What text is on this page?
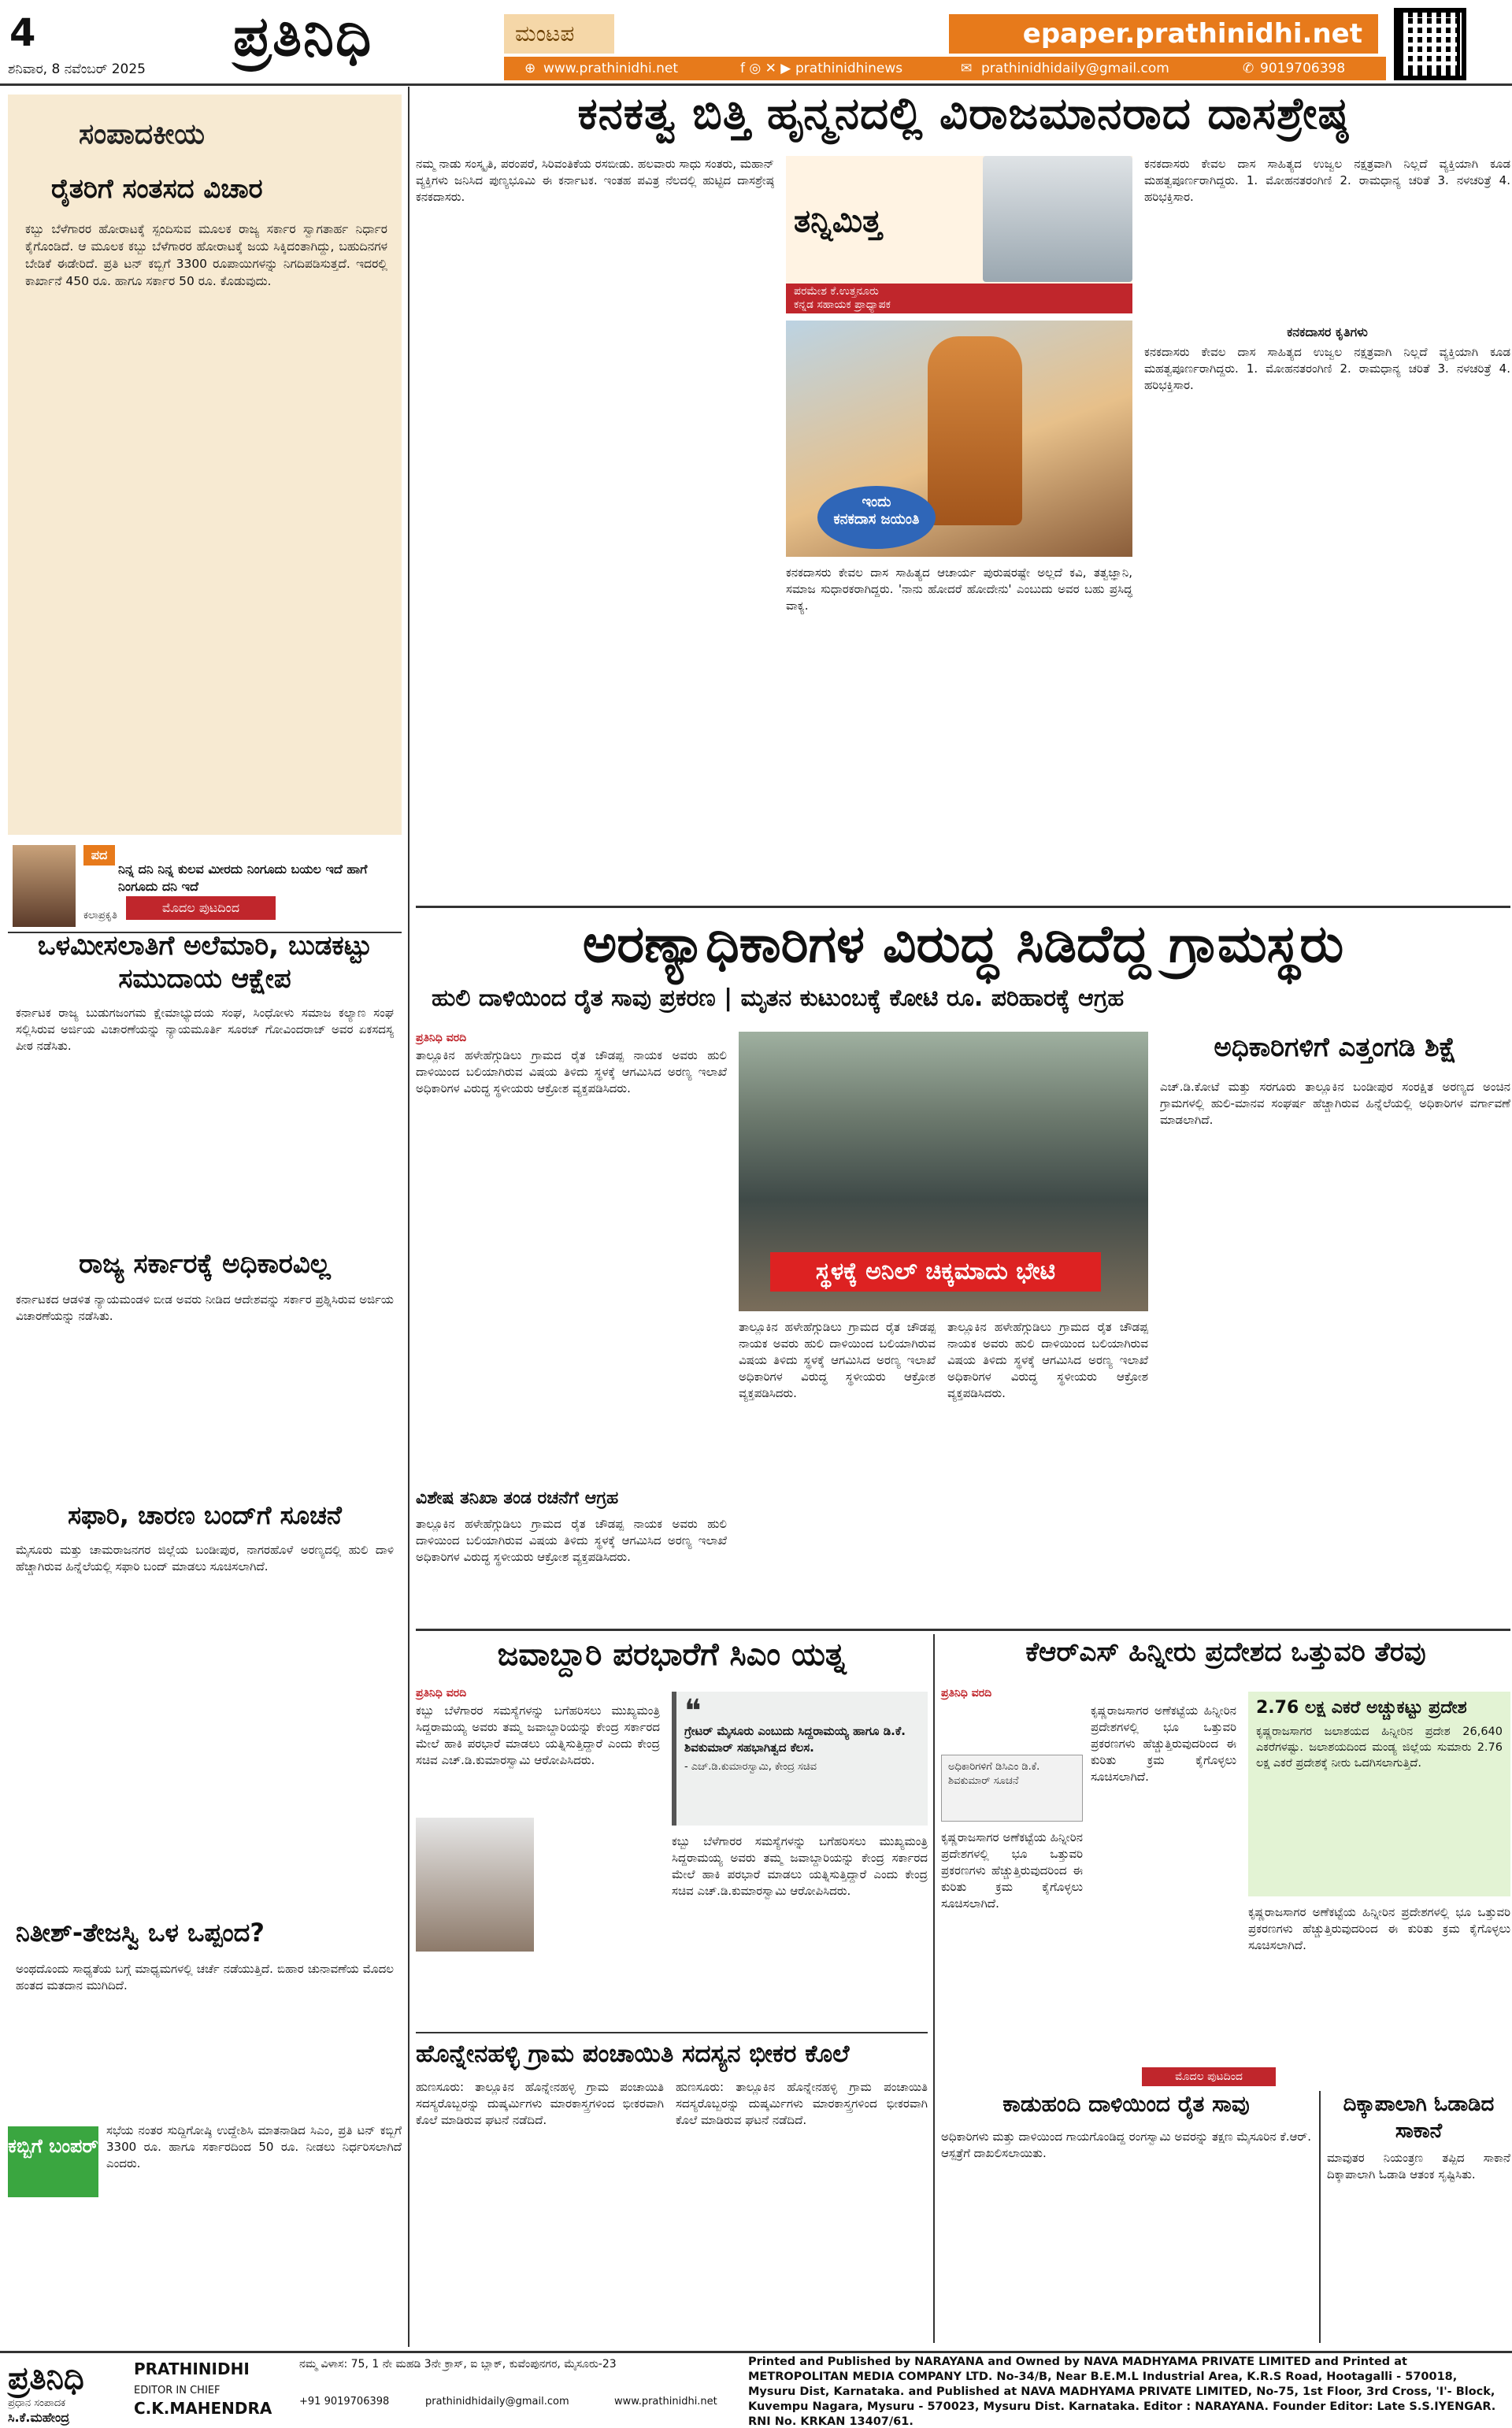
4
ಶನಿವಾರ, 8 ನವೆಂಬರ್ 2025
ಪ್ರತಿನಿಧಿ	ಮಂಟಪ	epaper.prathinidhi.net
⊕ www.prathinidhi.net	f ◎ ✕ ▶ prathinidhinews	✉ prathinidhidaily@gmail.com	✆ 9019706398
ಸಂಪಾದಕೀಯ
ರೈತರಿಗೆ ಸಂತಸದ ವಿಚಾರ
ಕಬ್ಬು ಬೆಳೆಗಾರರ ಹೋರಾಟಕ್ಕೆ ಸ್ಪಂದಿಸುವ ಮೂಲಕ ರಾಜ್ಯ ಸರ್ಕಾರ ಸ್ವಾಗತಾರ್ಹ ನಿರ್ಧಾರ ಕೈಗೊಂಡಿದೆ. ಆ ಮೂಲಕ ಕಬ್ಬು ಬೆಳೆಗಾರರ ಹೋರಾಟಕ್ಕೆ ಜಯ ಸಿಕ್ಕಿದಂತಾಗಿದ್ದು, ಬಹುದಿನಗಳ ಬೇಡಿಕೆ ಈಡೇರಿದೆ. ಪ್ರತಿ ಟನ್ ಕಬ್ಬಿಗೆ 3300 ರೂಪಾಯಿಗಳನ್ನು ನಿಗದಿಪಡಿಸುತ್ತದೆ. ಇದರಲ್ಲಿ ಕಾರ್ಖಾನೆ 450 ರೂ. ಹಾಗೂ ಸರ್ಕಾರ 50 ರೂ. ಕೊಡುವುದು.
ಪದ
ನಿನ್ನ ದನಿ ನಿನ್ನ ಕುಲವ ಮೀರದು ನಿಂಗೂದು ಬಯಲ ಇದೆ ಹಾಗೆ ನಿಂಗೂದು ದನಿ ಇದೆ
ಕಲಾಪ್ರಕೃತಿ
ಮೊದಲ ಪುಟದಿಂದ
ಒಳಮೀಸಲಾತಿಗೆ ಅಲೆಮಾರಿ, ಬುಡಕಟ್ಟು ಸಮುದಾಯ ಆಕ್ಷೇಪ
ಕರ್ನಾಟಕ ರಾಜ್ಯ ಬುಡುಗಜಂಗಮ ಕ್ಷೇಮಾಭ್ಯುದಯ ಸಂಘ, ಸಿಂಧೋಳು ಸಮಾಜ ಕಲ್ಯಾಣ ಸಂಘ ಸಲ್ಲಿಸಿರುವ ಅರ್ಜಿಯ ವಿಚಾರಣೆಯನ್ನು ನ್ಯಾಯಮೂರ್ತಿ ಸೂರಜ್ ಗೋವಿಂದರಾಜ್ ಅವರ ಏಕಸದಸ್ಯ ಪೀಠ ನಡೆಸಿತು.
ರಾಜ್ಯ ಸರ್ಕಾರಕ್ಕೆ ಅಧಿಕಾರವಿಲ್ಲ
ಕರ್ನಾಟಕದ ಆಡಳಿತ ನ್ಯಾಯಮಂಡಳಿ ಬೀಡ ಅವರು ನೀಡಿದ ಆದೇಶವನ್ನು ಸರ್ಕಾರ ಪ್ರಶ್ನಿಸಿರುವ ಅರ್ಜಿಯ ವಿಚಾರಣೆಯನ್ನು ನಡೆಸಿತು.
ಸಫಾರಿ, ಚಾರಣ ಬಂದ್‌ಗೆ ಸೂಚನೆ
ಮೈಸೂರು ಮತ್ತು ಚಾಮರಾಜನಗರ ಜಿಲ್ಲೆಯ ಬಂಡೀಪುರ, ನಾಗರಹೊಳೆ ಅರಣ್ಯದಲ್ಲಿ ಹುಲಿ ದಾಳಿ ಹೆಚ್ಚಾಗಿರುವ ಹಿನ್ನೆಲೆಯಲ್ಲಿ ಸಫಾರಿ ಬಂದ್ ಮಾಡಲು ಸೂಚಿಸಲಾಗಿದೆ.
ನಿತೀಶ್-ತೇಜಸ್ವಿ ಒಳ ಒಪ್ಪಂದ?
ಅಂಥದೊಂದು ಸಾಧ್ಯತೆಯ ಬಗ್ಗೆ ಮಾಧ್ಯಮಗಳಲ್ಲಿ ಚರ್ಚೆ ನಡೆಯುತ್ತಿದೆ. ಬಿಹಾರ ಚುನಾವಣೆಯ ಮೊದಲ ಹಂತದ ಮತದಾನ ಮುಗಿದಿದೆ.
ಕಬ್ಬಿಗೆ ಬಂಪರ್
ಸಭೆಯ ನಂತರ ಸುದ್ದಿಗೋಷ್ಠಿ ಉದ್ದೇಶಿಸಿ ಮಾತನಾಡಿದ ಸಿಎಂ, ಪ್ರತಿ ಟನ್ ಕಬ್ಬಿಗೆ 3300 ರೂ. ಹಾಗೂ ಸರ್ಕಾರದಿಂದ 50 ರೂ. ನೀಡಲು ನಿರ್ಧರಿಸಲಾಗಿದೆ ಎಂದರು.
ಕನಕತ್ವ ಬಿತ್ತಿ ಹೃನ್ಮನದಲ್ಲಿ ವಿರಾಜಮಾನರಾದ ದಾಸಶ್ರೇಷ್ಠ
ನಮ್ಮ ನಾಡು ಸಂಸ್ಕೃತಿ, ಪರಂಪರೆ, ಸಿರಿವಂತಿಕೆಯ ರಸಬೀಡು. ಹಲವಾರು ಸಾಧು ಸಂತರು, ಮಹಾನ್ ವ್ಯಕ್ತಿಗಳು ಜನಿಸಿದ ಪುಣ್ಯಭೂಮಿ ಈ ಕರ್ನಾಟಕ. ಇಂತಹ ಪವಿತ್ರ ನೆಲದಲ್ಲಿ ಹುಟ್ಟಿದ ದಾಸಶ್ರೇಷ್ಠ ಕನಕದಾಸರು.
ತನ್ನಿಮಿತ್ತ
ಪರಮೇಶ ಕೆ.ಉತ್ತನೂರು
ಕನ್ನಡ ಸಹಾಯಕ ಪ್ರಾಧ್ಯಾಪಕ
ಇಂದು
ಕನಕದಾಸ ಜಯಂತಿ
ಕನಕದಾಸರು ಕೇವಲ ದಾಸ ಸಾಹಿತ್ಯದ ಆಚಾರ್ಯ ಪುರುಷರಷ್ಟೇ ಅಲ್ಲದೆ ಕವಿ, ತತ್ವಜ್ಞಾನಿ, ಸಮಾಜ ಸುಧಾರಕರಾಗಿದ್ದರು. 'ನಾನು ಹೋದರೆ ಹೋದೇನು' ಎಂಬುದು ಅವರ ಬಹು ಪ್ರಸಿದ್ಧ ವಾಕ್ಯ.
ಕನಕದಾಸರ ಕೃತಿಗಳು
ಕನಕದಾಸರು ಕೇವಲ ದಾಸ ಸಾಹಿತ್ಯದ ಉಜ್ವಲ ನಕ್ಷತ್ರವಾಗಿ ನಿಲ್ಲದೆ ವ್ಯಕ್ತಿಯಾಗಿ ಕೂಡ ಮಹತ್ವಪೂರ್ಣರಾಗಿದ್ದರು. 1. ಮೋಹನತರಂಗಿಣಿ 2. ರಾಮಧಾನ್ಯ ಚರಿತೆ 3. ನಳಚರಿತ್ರೆ 4. ಹರಿಭಕ್ತಿಸಾರ.
ಕನಕದಾಸರು ಕೇವಲ ದಾಸ ಸಾಹಿತ್ಯದ ಉಜ್ವಲ ನಕ್ಷತ್ರವಾಗಿ ನಿಲ್ಲದೆ ವ್ಯಕ್ತಿಯಾಗಿ ಕೂಡ ಮಹತ್ವಪೂರ್ಣರಾಗಿದ್ದರು. 1. ಮೋಹನತರಂಗಿಣಿ 2. ರಾಮಧಾನ್ಯ ಚರಿತೆ 3. ನಳಚರಿತ್ರೆ 4. ಹರಿಭಕ್ತಿಸಾರ.
ಅರಣ್ಯಾಧಿಕಾರಿಗಳ ವಿರುದ್ಧ ಸಿಡಿದೆದ್ದ ಗ್ರಾಮಸ್ಥರು
ಹುಲಿ ದಾಳಿಯಿಂದ ರೈತ ಸಾವು ಪ್ರಕರಣ | ಮೃತನ ಕುಟುಂಬಕ್ಕೆ ಕೋಟಿ ರೂ. ಪರಿಹಾರಕ್ಕೆ ಆಗ್ರಹ
ಪ್ರತಿನಿಧಿ ವರದಿ
ತಾಲ್ಲೂಕಿನ ಹಳೇಹೆಗ್ಗುಡಿಲು ಗ್ರಾಮದ ರೈತ ಚೌಡಪ್ಪ ನಾಯಕ ಅವರು ಹುಲಿ ದಾಳಿಯಿಂದ ಬಲಿಯಾಗಿರುವ ವಿಷಯ ತಿಳಿದು ಸ್ಥಳಕ್ಕೆ ಆಗಮಿಸಿದ ಅರಣ್ಯ ಇಲಾಖೆ ಅಧಿಕಾರಿಗಳ ವಿರುದ್ಧ ಸ್ಥಳೀಯರು ಆಕ್ರೋಶ ವ್ಯಕ್ತಪಡಿಸಿದರು.
ವಿಶೇಷ ತನಿಖಾ ತಂಡ ರಚನೆಗೆ ಆಗ್ರಹ
ತಾಲ್ಲೂಕಿನ ಹಳೇಹೆಗ್ಗುಡಿಲು ಗ್ರಾಮದ ರೈತ ಚೌಡಪ್ಪ ನಾಯಕ ಅವರು ಹುಲಿ ದಾಳಿಯಿಂದ ಬಲಿಯಾಗಿರುವ ವಿಷಯ ತಿಳಿದು ಸ್ಥಳಕ್ಕೆ ಆಗಮಿಸಿದ ಅರಣ್ಯ ಇಲಾಖೆ ಅಧಿಕಾರಿಗಳ ವಿರುದ್ಧ ಸ್ಥಳೀಯರು ಆಕ್ರೋಶ ವ್ಯಕ್ತಪಡಿಸಿದರು.
ಸ್ಥಳಕ್ಕೆ ಅನಿಲ್ ಚಿಕ್ಕಮಾದು ಭೇಟಿ
ತಾಲ್ಲೂಕಿನ ಹಳೇಹೆಗ್ಗುಡಿಲು ಗ್ರಾಮದ ರೈತ ಚೌಡಪ್ಪ ನಾಯಕ ಅವರು ಹುಲಿ ದಾಳಿಯಿಂದ ಬಲಿಯಾಗಿರುವ ವಿಷಯ ತಿಳಿದು ಸ್ಥಳಕ್ಕೆ ಆಗಮಿಸಿದ ಅರಣ್ಯ ಇಲಾಖೆ ಅಧಿಕಾರಿಗಳ ವಿರುದ್ಧ ಸ್ಥಳೀಯರು ಆಕ್ರೋಶ ವ್ಯಕ್ತಪಡಿಸಿದರು.
ತಾಲ್ಲೂಕಿನ ಹಳೇಹೆಗ್ಗುಡಿಲು ಗ್ರಾಮದ ರೈತ ಚೌಡಪ್ಪ ನಾಯಕ ಅವರು ಹುಲಿ ದಾಳಿಯಿಂದ ಬಲಿಯಾಗಿರುವ ವಿಷಯ ತಿಳಿದು ಸ್ಥಳಕ್ಕೆ ಆಗಮಿಸಿದ ಅರಣ್ಯ ಇಲಾಖೆ ಅಧಿಕಾರಿಗಳ ವಿರುದ್ಧ ಸ್ಥಳೀಯರು ಆಕ್ರೋಶ ವ್ಯಕ್ತಪಡಿಸಿದರು.
ಅಧಿಕಾರಿಗಳಿಗೆ ಎತ್ತಂಗಡಿ ಶಿಕ್ಷೆ
ಎಚ್.ಡಿ.ಕೋಟೆ ಮತ್ತು ಸರಗೂರು ತಾಲ್ಲೂಕಿನ ಬಂಡೀಪುರ ಸಂರಕ್ಷಿತ ಅರಣ್ಯದ ಅಂಚಿನ ಗ್ರಾಮಗಳಲ್ಲಿ ಹುಲಿ-ಮಾನವ ಸಂಘರ್ಷ ಹೆಚ್ಚಾಗಿರುವ ಹಿನ್ನೆಲೆಯಲ್ಲಿ ಅಧಿಕಾರಿಗಳ ವರ್ಗಾವಣೆ ಮಾಡಲಾಗಿದೆ.
ಜವಾಬ್ದಾರಿ ಪರಭಾರೆಗೆ ಸಿಎಂ ಯತ್ನ
ಪ್ರತಿನಿಧಿ ವರದಿ
ಕಬ್ಬು ಬೆಳೆಗಾರರ ಸಮಸ್ಯೆಗಳನ್ನು ಬಗೆಹರಿಸಲು ಮುಖ್ಯಮಂತ್ರಿ ಸಿದ್ದರಾಮಯ್ಯ ಅವರು ತಮ್ಮ ಜವಾಬ್ದಾರಿಯನ್ನು ಕೇಂದ್ರ ಸರ್ಕಾರದ ಮೇಲೆ ಹಾಕಿ ಪರಭಾರೆ ಮಾಡಲು ಯತ್ನಿಸುತ್ತಿದ್ದಾರೆ ಎಂದು ಕೇಂದ್ರ ಸಚಿವ ಎಚ್.ಡಿ.ಕುಮಾರಸ್ವಾಮಿ ಆರೋಪಿಸಿದರು.
❝
ಗ್ರೇಟರ್ ಮೈಸೂರು ಎಂಬುದು ಸಿದ್ದರಾಮಯ್ಯ ಹಾಗೂ ಡಿ.ಕೆ. ಶಿವಕುಮಾರ್ ಸಹಭಾಗಿತ್ವದ ಕೆಲಸ.
- ಎಚ್.ಡಿ.ಕುಮಾರಸ್ವಾಮಿ, ಕೇಂದ್ರ ಸಚಿವ
ಕಬ್ಬು ಬೆಳೆಗಾರರ ಸಮಸ್ಯೆಗಳನ್ನು ಬಗೆಹರಿಸಲು ಮುಖ್ಯಮಂತ್ರಿ ಸಿದ್ದರಾಮಯ್ಯ ಅವರು ತಮ್ಮ ಜವಾಬ್ದಾರಿಯನ್ನು ಕೇಂದ್ರ ಸರ್ಕಾರದ ಮೇಲೆ ಹಾಕಿ ಪರಭಾರೆ ಮಾಡಲು ಯತ್ನಿಸುತ್ತಿದ್ದಾರೆ ಎಂದು ಕೇಂದ್ರ ಸಚಿವ ಎಚ್.ಡಿ.ಕುಮಾರಸ್ವಾಮಿ ಆರೋಪಿಸಿದರು.
ಹೊನ್ನೇನಹಳ್ಳಿ ಗ್ರಾಮ ಪಂಚಾಯಿತಿ ಸದಸ್ಯನ ಭೀಕರ ಕೊಲೆ
ಹುಣಸೂರು: ತಾಲ್ಲೂಕಿನ ಹೊನ್ನೇನಹಳ್ಳಿ ಗ್ರಾಮ ಪಂಚಾಯಿತಿ ಸದಸ್ಯರೊಬ್ಬರನ್ನು ದುಷ್ಕರ್ಮಿಗಳು ಮಾರಕಾಸ್ತ್ರಗಳಿಂದ ಭೀಕರವಾಗಿ ಕೊಲೆ ಮಾಡಿರುವ ಘಟನೆ ನಡೆದಿದೆ.
ಹುಣಸೂರು: ತಾಲ್ಲೂಕಿನ ಹೊನ್ನೇನಹಳ್ಳಿ ಗ್ರಾಮ ಪಂಚಾಯಿತಿ ಸದಸ್ಯರೊಬ್ಬರನ್ನು ದುಷ್ಕರ್ಮಿಗಳು ಮಾರಕಾಸ್ತ್ರಗಳಿಂದ ಭೀಕರವಾಗಿ ಕೊಲೆ ಮಾಡಿರುವ ಘಟನೆ ನಡೆದಿದೆ.
ಕೆಆರ್‌ಎಸ್ ಹಿನ್ನೀರು ಪ್ರದೇಶದ ಒತ್ತುವರಿ ತೆರವು
ಪ್ರತಿನಿಧಿ ವರದಿ
ಅಧಿಕಾರಿಗಳಿಗೆ ಡಿಸಿಎಂ ಡಿ.ಕೆ. ಶಿವಕುಮಾರ್ ಸೂಚನೆ
ಕೃಷ್ಣರಾಜಸಾಗರ ಅಣೆಕಟ್ಟೆಯ ಹಿನ್ನೀರಿನ ಪ್ರದೇಶಗಳಲ್ಲಿ ಭೂ ಒತ್ತುವರಿ ಪ್ರಕರಣಗಳು ಹೆಚ್ಚುತ್ತಿರುವುದರಿಂದ ಈ ಕುರಿತು ಕ್ರಮ ಕೈಗೊಳ್ಳಲು ಸೂಚಿಸಲಾಗಿದೆ.
ಕೃಷ್ಣರಾಜಸಾಗರ ಅಣೆಕಟ್ಟೆಯ ಹಿನ್ನೀರಿನ ಪ್ರದೇಶಗಳಲ್ಲಿ ಭೂ ಒತ್ತುವರಿ ಪ್ರಕರಣಗಳು ಹೆಚ್ಚುತ್ತಿರುವುದರಿಂದ ಈ ಕುರಿತು ಕ್ರಮ ಕೈಗೊಳ್ಳಲು ಸೂಚಿಸಲಾಗಿದೆ.
2.76 ಲಕ್ಷ ಎಕರೆ ಅಚ್ಚುಕಟ್ಟು ಪ್ರದೇಶ
ಕೃಷ್ಣರಾಜಸಾಗರ ಜಲಾಶಯದ ಹಿನ್ನೀರಿನ ಪ್ರದೇಶ 26,640 ಎಕರೆಗಳಷ್ಟು. ಜಲಾಶಯದಿಂದ ಮಂಡ್ಯ ಜಿಲ್ಲೆಯ ಸುಮಾರು 2.76 ಲಕ್ಷ ಎಕರೆ ಪ್ರದೇಶಕ್ಕೆ ನೀರು ಒದಗಿಸಲಾಗುತ್ತಿದೆ.
ಕೃಷ್ಣರಾಜಸಾಗರ ಅಣೆಕಟ್ಟೆಯ ಹಿನ್ನೀರಿನ ಪ್ರದೇಶಗಳಲ್ಲಿ ಭೂ ಒತ್ತುವರಿ ಪ್ರಕರಣಗಳು ಹೆಚ್ಚುತ್ತಿರುವುದರಿಂದ ಈ ಕುರಿತು ಕ್ರಮ ಕೈಗೊಳ್ಳಲು ಸೂಚಿಸಲಾಗಿದೆ.
ಮೊದಲ ಪುಟದಿಂದ
ಕಾಡುಹಂದಿ ದಾಳಿಯಿಂದ ರೈತ ಸಾವು
ಅಧಿಕಾರಿಗಳು ಮತ್ತು ದಾಳಿಯಿಂದ ಗಾಯಗೊಂಡಿದ್ದ ರಂಗಸ್ವಾಮಿ ಅವರನ್ನು ತಕ್ಷಣ ಮೈಸೂರಿನ ಕೆ.ಆರ್. ಆಸ್ಪತ್ರೆಗೆ ದಾಖಲಿಸಲಾಯಿತು.
ದಿಕ್ಕಾಪಾಲಾಗಿ ಓಡಾಡಿದ ಸಾಕಾನೆ
ಮಾವುತರ ನಿಯಂತ್ರಣ ತಪ್ಪಿದ ಸಾಕಾನೆ ದಿಕ್ಕಾಪಾಲಾಗಿ ಓಡಾಡಿ ಆತಂಕ ಸೃಷ್ಟಿಸಿತು.
ಪ್ರತಿನಿಧಿ	PRATHINIDHI
ಪ್ರಧಾನ ಸಂಪಾದಕ
ಸಿ.ಕೆ.ಮಹೇಂದ್ರ
EDITOR IN CHIEF
C.K.MAHENDRA
ನಮ್ಮ ವಿಳಾಸ: 75, 1 ನೇ ಮಹಡಿ 3ನೇ ಕ್ರಾಸ್, ಐ ಬ್ಲಾಕ್, ಕುವೆಂಪುನಗರ, ಮೈಸೂರು-23
+91 9019706398	prathinidhidaily@gmail.com	www.prathinidhi.net
Printed and Published by NARAYANA and Owned by NAVA MADHYAMA PRIVATE LIMITED and Printed at METROPOLITAN MEDIA COMPANY LTD. No-34/B, Near B.E.M.L Industrial Area, K.R.S Road, Hootagalli - 570018, Mysuru Dist, Karnataka. and Published at NAVA MADHYAMA PRIVATE LIMITED, No-75, 1st Floor, 3rd Cross, 'I'- Block, Kuvempu Nagara, Mysuru - 570023, Mysuru Dist. Karnataka. Editor : NARAYANA. Founder Editor: Late S.S.IYENGAR. RNI No. KRKAN 13407/61.
